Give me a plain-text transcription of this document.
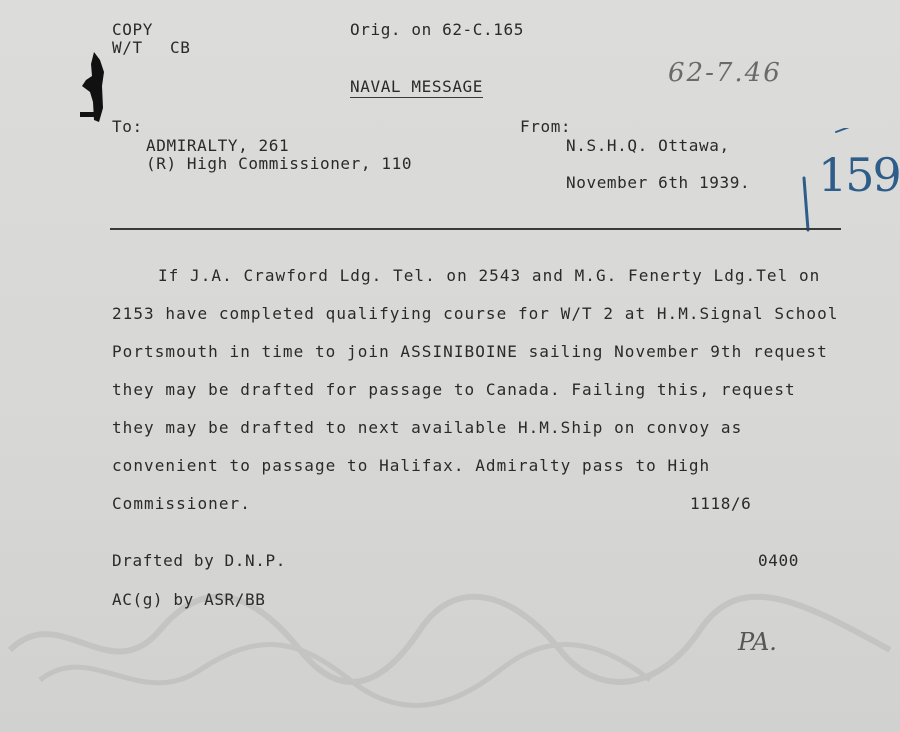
COPY
W/T CB
Orig. on 62-C.165
NAVAL MESSAGE	62-7.46
To:
ADMIRALTY, 261
(R) High Commissioner, 110
From:
N.S.H.Q. Ottawa,
November 6th 1939. 159
If J.A. Crawford Ldg. Tel. on 2543 and M.G. Fenerty Ldg.Tel on
2153 have completed qualifying course for W/T 2 at H.M.Signal School
Portsmouth in time to join ASSINIBOINE sailing November 9th request
they may be drafted for passage to Canada. Failing this, request
they may be drafted to next available H.M.Ship on convoy as
convenient to passage to Halifax. Admiralty pass to High
Commissioner.	1118/6
Drafted by D.N.P.	0400
AC(g) by ASR/BB
PA.
